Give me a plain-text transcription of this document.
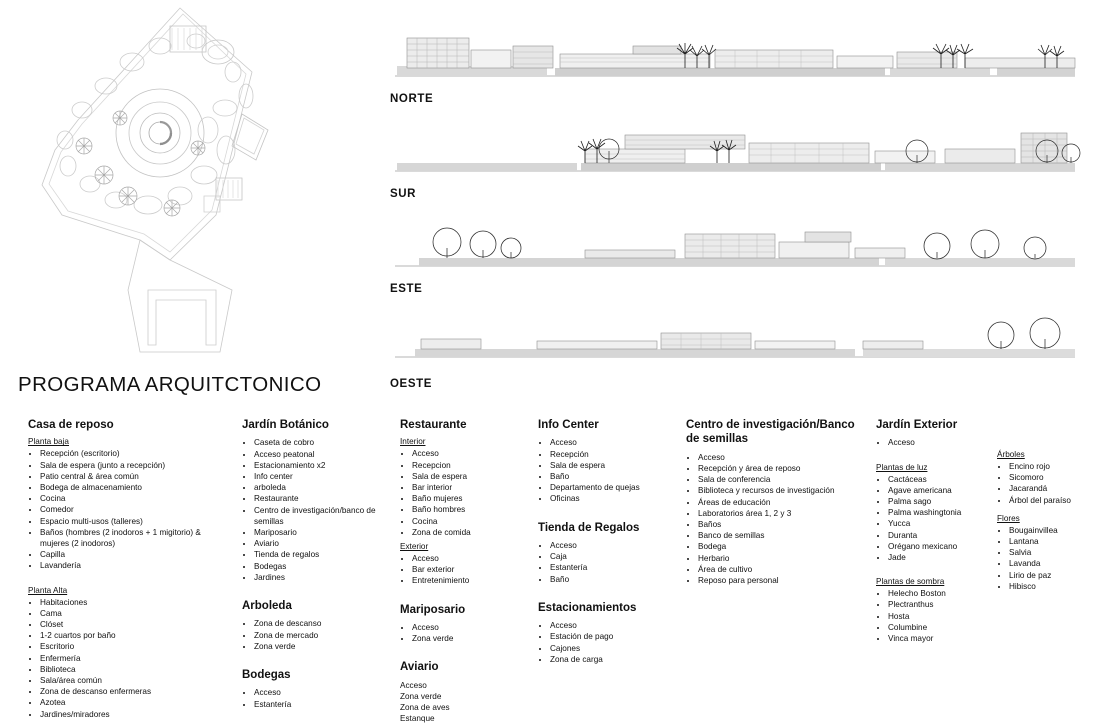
NORTE
SUR
ESTE
OESTE
PROGRAMA ARQUITCTONICO
Casa de reposo
Planta baja
• Recepción (escritorio)
• Sala de espera (junto a recepción)
• Patio central & área común
• Bodega de almacenamiento
• Cocina
• Comedor
• Espacio multi-usos (talleres)
• Baños (hombres (2 inodoros + 1 migitorio) & mujeres (2 inodoros)
• Capilla
• Lavandería
Planta Alta
• Habitaciones
• Cama
• Clóset
• 1-2 cuartos por baño
• Escritorio
• Enfermería
• Biblioteca
• Sala/área común
• Zona de descanso enfermeras
• Azotea
• Jardines/miradores
Jardín Botánico
• Caseta de cobro
• Acceso peatonal
• Estacionamiento x2
• Info center
• arboleda
• Restaurante
• Centro de investigación/banco de semillas
• Mariposario
• Aviario
• Tienda de regalos
• Bodegas
• Jardines
Arboleda
• Zona de descanso
• Zona de mercado
• Zona verde
Bodegas
• Acceso
• Estantería
Restaurante
Interior
• Acceso
• Recepcion
• Sala de espera
• Bar interior
• Baño mujeres
• Baño hombres
• Cocina
• Zona de comida
Exterior
• Acceso
• Bar exterior
• Entretenimiento
Mariposario
• Acceso
• Zona verde
Aviario
Acceso
Zona verde
Zona de aves
Estanque
Info Center
• Acceso
• Recepción
• Sala de espera
• Baño
• Departamento de quejas
• Oficinas
Tienda de Regalos
• Acceso
• Caja
• Estantería
• Baño
Estacionamientos
• Acceso
• Estación de pago
• Cajones
• Zona de carga
Centro de investigación/Banco de semillas
• Acceso
• Recepción y área de reposo
• Sala de conferencia
• Biblioteca y recursos de investigación
• Áreas de educación
• Laboratorios área 1, 2 y 3
• Baños
• Banco de semillas
• Bodega
• Herbario
• Área de cultivo
• Reposo para personal
Jardín Exterior
• Acceso
Plantas de luz
• Cactáceas
• Agave americana
• Palma sago
• Palma washingtonia
• Yucca
• Duranta
• Orégano mexicano
• Jade
Plantas de sombra
• Helecho Boston
• Plectranthus
• Hosta
• Columbine
• Vinca mayor
Árboles
• Encino rojo
• Sicomoro
• Jacarandá
• Árbol del paraíso
Flores
• Bougainvillea
• Lantana
• Salvia
• Lavanda
• Lirio de paz
• Hibisco
